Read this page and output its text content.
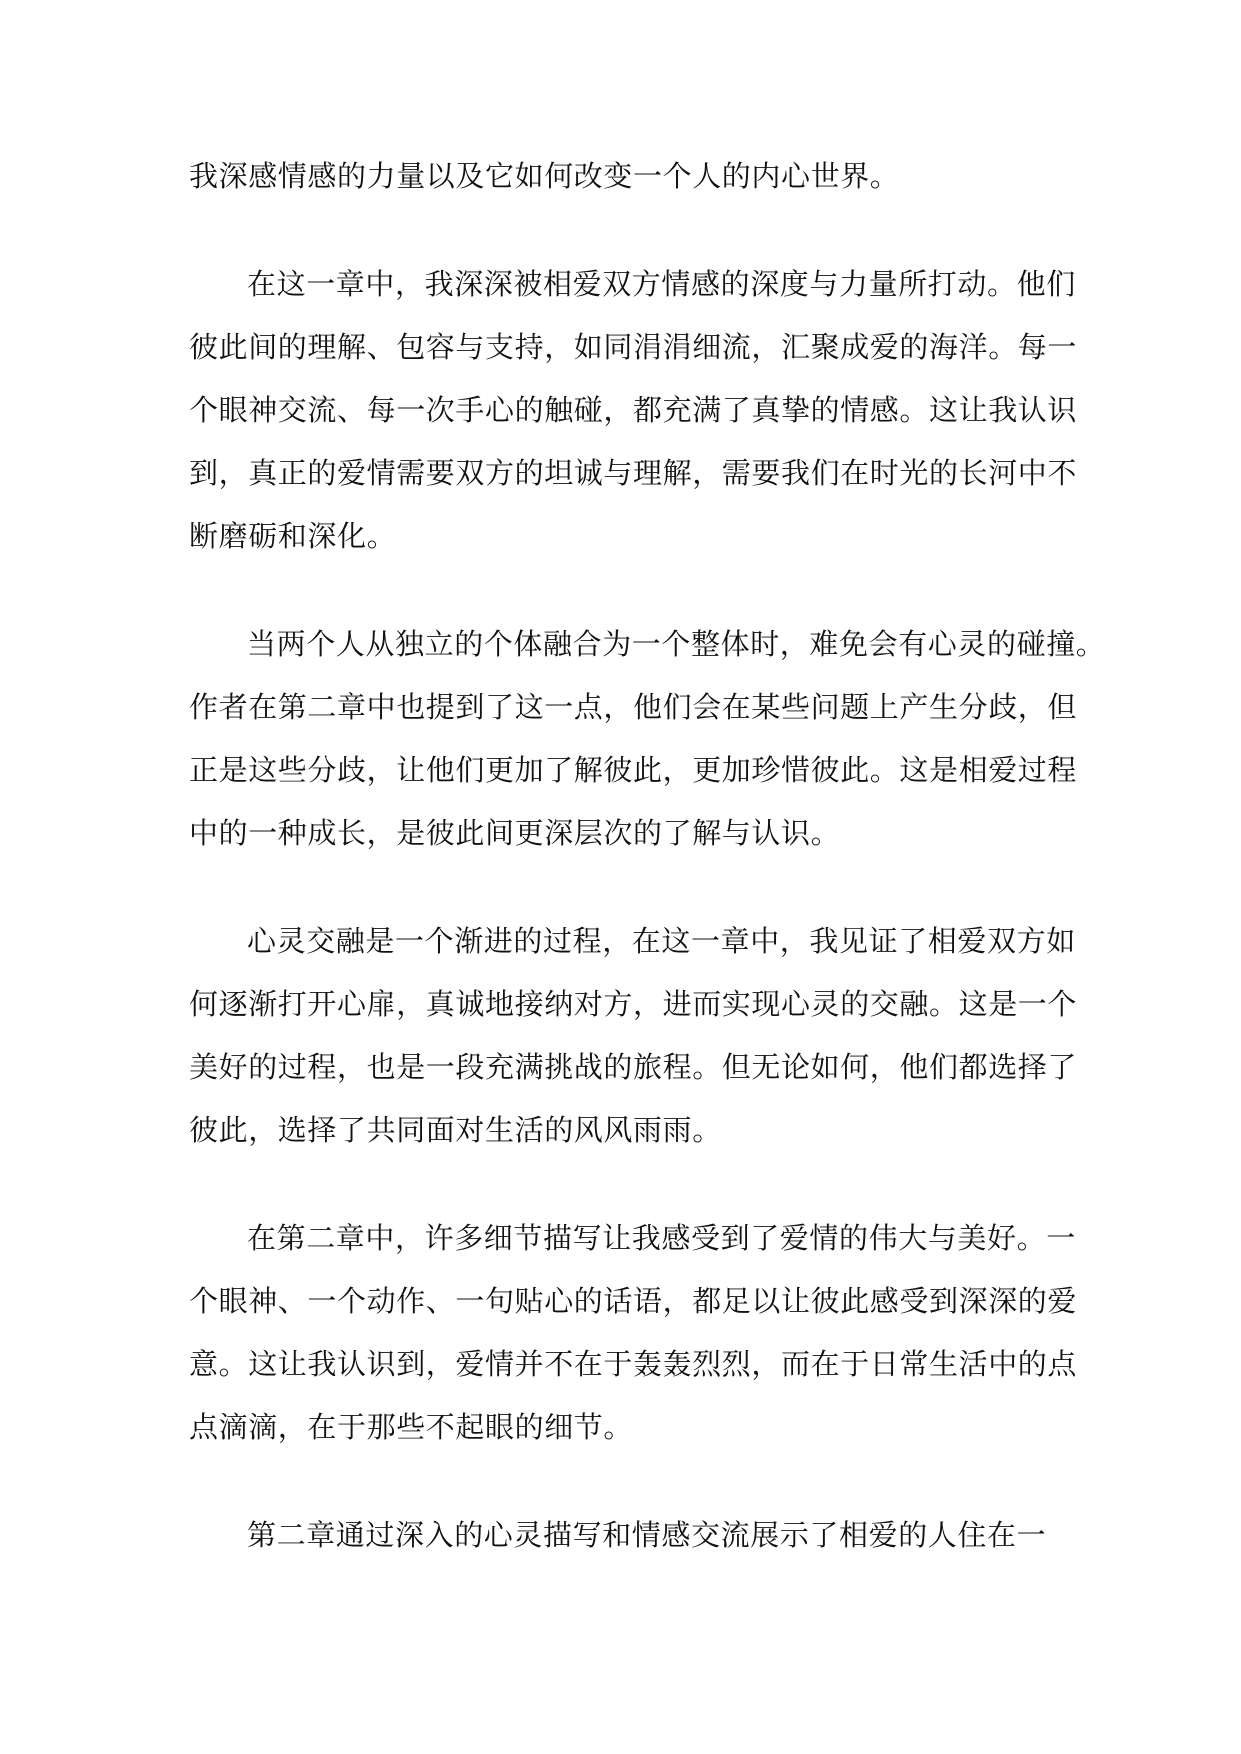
我深感情感的力量以及它如何改变一个人的内心世界。
在这一章中，我深深被相爱双方情感的深度与力量所打动。他们
彼此间的理解、包容与支持，如同涓涓细流，汇聚成爱的海洋。每一
个眼神交流、每一次手心的触碰，都充满了真挚的情感。这让我认识
到，真正的爱情需要双方的坦诚与理解，需要我们在时光的长河中不
断磨砺和深化。
当两个人从独立的个体融合为一个整体时，难免会有心灵的碰撞。
作者在第二章中也提到了这一点，他们会在某些问题上产生分歧，但
正是这些分歧，让他们更加了解彼此，更加珍惜彼此。这是相爱过程
中的一种成长，是彼此间更深层次的了解与认识。
心灵交融是一个渐进的过程，在这一章中，我见证了相爱双方如
何逐渐打开心扉，真诚地接纳对方，进而实现心灵的交融。这是一个
美好的过程，也是一段充满挑战的旅程。但无论如何，他们都选择了
彼此，选择了共同面对生活的风风雨雨。
在第二章中，许多细节描写让我感受到了爱情的伟大与美好。一
个眼神、一个动作、一句贴心的话语，都足以让彼此感受到深深的爱
意。这让我认识到，爱情并不在于轰轰烈烈，而在于日常生活中的点
点滴滴，在于那些不起眼的细节。
第二章通过深入的心灵描写和情感交流展示了相爱的人住在一
